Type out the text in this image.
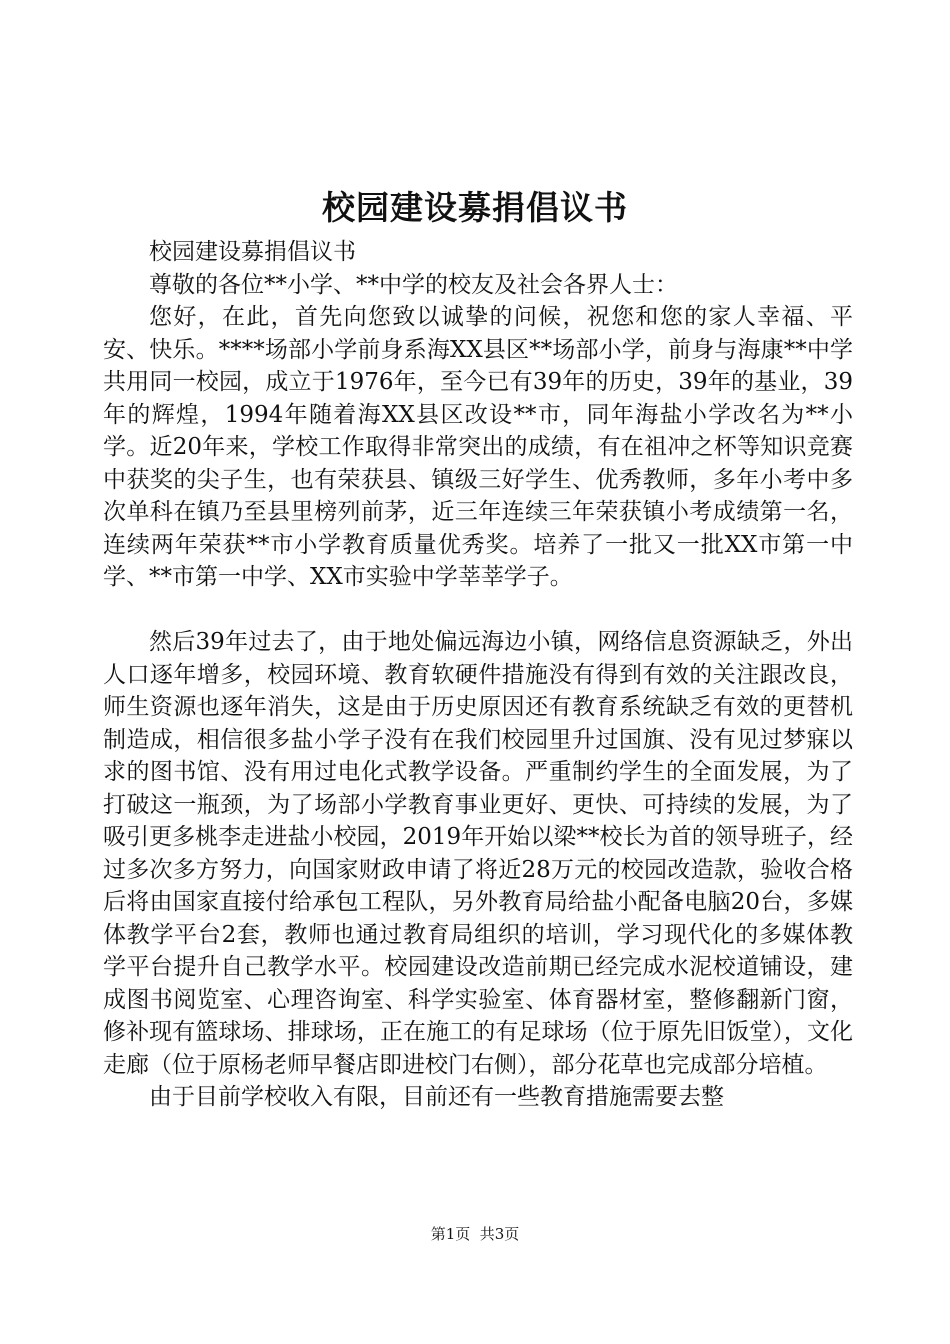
校园建设募捐倡议书

校园建设募捐倡议书

尊敬的各位**小学、**中学的校友及社会各界人士：

您好，在此，首先向您致以诚挚的问候，祝您和您的家人幸福、平安、快乐。****场部小学前身系海XX县区**场部小学，前身与海康**中学共用同一校园，成立于1976年，至今已有39年的历史，39年的基业，39年的辉煌，1994年随着海XX县区改设**市，同年海盐小学改名为**小学。近20年来，学校工作取得非常突出的成绩，有在祖冲之杯等知识竞赛中获奖的尖子生，也有荣获县、镇级三好学生、优秀教师，多年小考中多次单科在镇乃至县里榜列前茅，近三年连续三年荣获镇小考成绩第一名，连续两年荣获**市小学教育质量优秀奖。培养了一批又一批XX市第一中学、**市第一中学、XX市实验中学莘莘学子。

然后39年过去了，由于地处偏远海边小镇，网络信息资源缺乏，外出人口逐年增多，校园环境、教育软硬件措施没有得到有效的关注跟改良，师生资源也逐年消失，这是由于历史原因还有教育系统缺乏有效的更替机制造成，相信很多盐小学子没有在我们校园里升过国旗、没有见过梦寐以求的图书馆、没有用过电化式教学设备。严重制约学生的全面发展，为了打破这一瓶颈，为了场部小学教育事业更好、更快、可持续的发展，为了吸引更多桃李走进盐小校园，2019年开始以梁**校长为首的领导班子，经过多次多方努力，向国家财政申请了将近28万元的校园改造款，验收合格后将由国家直接付给承包工程队，另外教育局给盐小配备电脑20台，多媒体教学平台2套，教师也通过教育局组织的培训，学习现代化的多媒体教学平台提升自己教学水平。校园建设改造前期已经完成水泥校道铺设，建成图书阅览室、心理咨询室、科学实验室、体育器材室，整修翻新门窗，修补现有篮球场、排球场，正在施工的有足球场（位于原先旧饭堂），文化走廊（位于原杨老师早餐店即进校门右侧），部分花草也完成部分培植。

由于目前学校收入有限，目前还有一些教育措施需要去整

第1页  共3页
